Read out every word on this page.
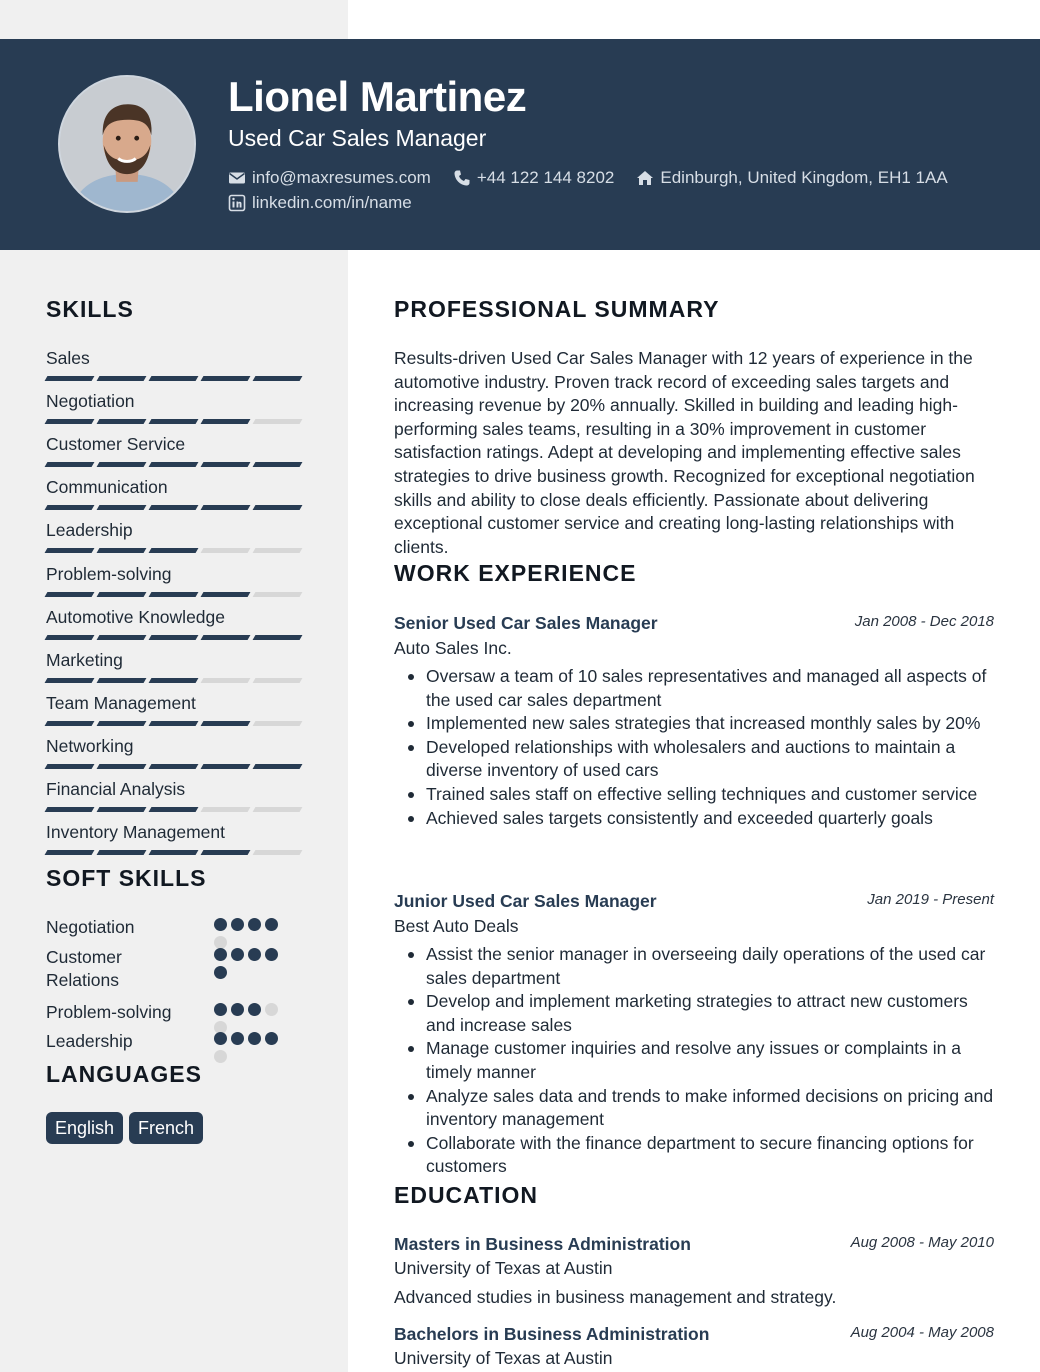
Lionel Martinez
Used Car Sales Manager
info@maxresumes.com	+44 122 144 8202	Edinburgh, United Kingdom, EH1 1AA
linkedin.com/in/name
SKILLS
Sales
Negotiation
Customer Service
Communication
Leadership
Problem-solving
Automotive Knowledge
Marketing
Team Management
Networking
Financial Analysis
Inventory Management
SOFT SKILLS
Negotiation
Customer Relations
Problem-solving
Leadership
LANGUAGES
English	French
PROFESSIONAL SUMMARY
Results-driven Used Car Sales Manager with 12 years of experience in the automotive industry. Proven track record of exceeding sales targets and increasing revenue by 20% annually. Skilled in building and leading high-performing sales teams, resulting in a 30% improvement in customer satisfaction ratings. Adept at developing and implementing effective sales strategies to drive business growth. Recognized for exceptional negotiation skills and ability to close deals efficiently. Passionate about delivering exceptional customer service and creating long-lasting relationships with clients.
WORK EXPERIENCE
Senior Used Car Sales Manager	Jan 2008 - Dec 2018
Auto Sales Inc.
Oversaw a team of 10 sales representatives and managed all aspects of the used car sales department
Implemented new sales strategies that increased monthly sales by 20%
Developed relationships with wholesalers and auctions to maintain a diverse inventory of used cars
Trained sales staff on effective selling techniques and customer service
Achieved sales targets consistently and exceeded quarterly goals
Junior Used Car Sales Manager	Jan 2019 - Present
Best Auto Deals
Assist the senior manager in overseeing daily operations of the used car sales department
Develop and implement marketing strategies to attract new customers and increase sales
Manage customer inquiries and resolve any issues or complaints in a timely manner
Analyze sales data and trends to make informed decisions on pricing and inventory management
Collaborate with the finance department to secure financing options for customers
EDUCATION
Masters in Business Administration	Aug 2008 - May 2010
University of Texas at Austin
Advanced studies in business management and strategy.
Bachelors in Business Administration	Aug 2004 - May 2008
University of Texas at Austin
